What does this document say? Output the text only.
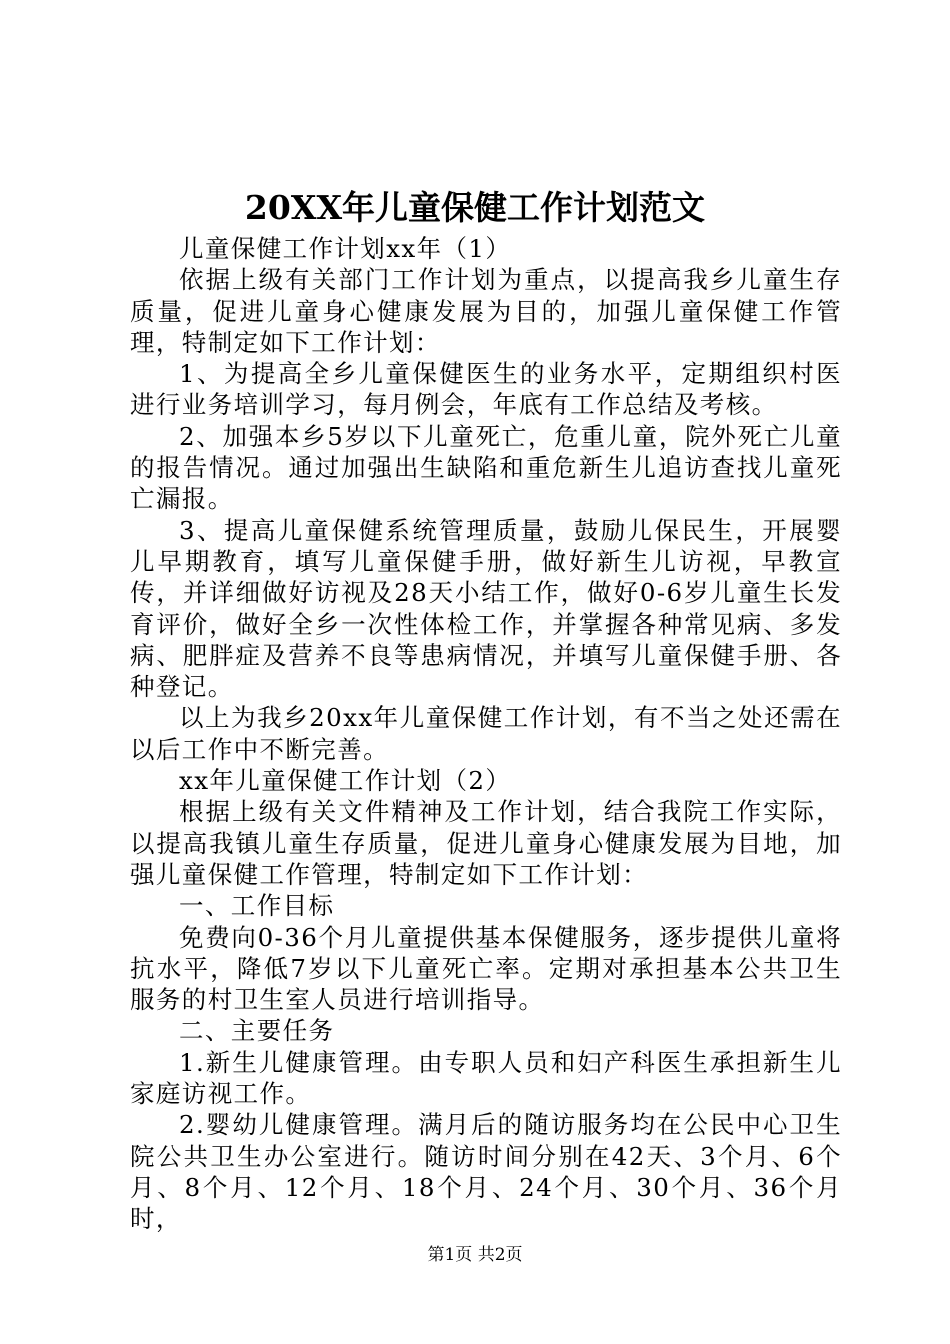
20XX年儿童保健工作计划范文

儿童保健工作计划xx年（1）

依据上级有关部门工作计划为重点，以提高我乡儿童生存质量，促进儿童身心健康发展为目的，加强儿童保健工作管理，特制定如下工作计划：

1、为提高全乡儿童保健医生的业务水平，定期组织村医进行业务培训学习，每月例会，年底有工作总结及考核。

2、加强本乡5岁以下儿童死亡，危重儿童，院外死亡儿童的报告情况。通过加强出生缺陷和重危新生儿追访查找儿童死亡漏报。

3、提高儿童保健系统管理质量，鼓励儿保民生，开展婴儿早期教育，填写儿童保健手册，做好新生儿访视，早教宣传，并详细做好访视及28天小结工作，做好0-6岁儿童生长发育评价，做好全乡一次性体检工作，并掌握各种常见病、多发病、肥胖症及营养不良等患病情况，并填写儿童保健手册、各种登记。

以上为我乡20xx年儿童保健工作计划，有不当之处还需在以后工作中不断完善。

xx年儿童保健工作计划（2）

根据上级有关文件精神及工作计划，结合我院工作实际，以提高我镇儿童生存质量，促进儿童身心健康发展为目地，加强儿童保健工作管理，特制定如下工作计划：

一、工作目标

免费向0-36个月儿童提供基本保健服务，逐步提供儿童将抗水平，降低7岁以下儿童死亡率。定期对承担基本公共卫生服务的村卫生室人员进行培训指导。

二、主要任务

1.新生儿健康管理。由专职人员和妇产科医生承担新生儿家庭访视工作。

2.婴幼儿健康管理。满月后的随访服务均在公民中心卫生院公共卫生办公室进行。随访时间分别在42天、3个月、6个月、8个月、12个月、18个月、24个月、30个月、36个月时，

第1页 共2页
